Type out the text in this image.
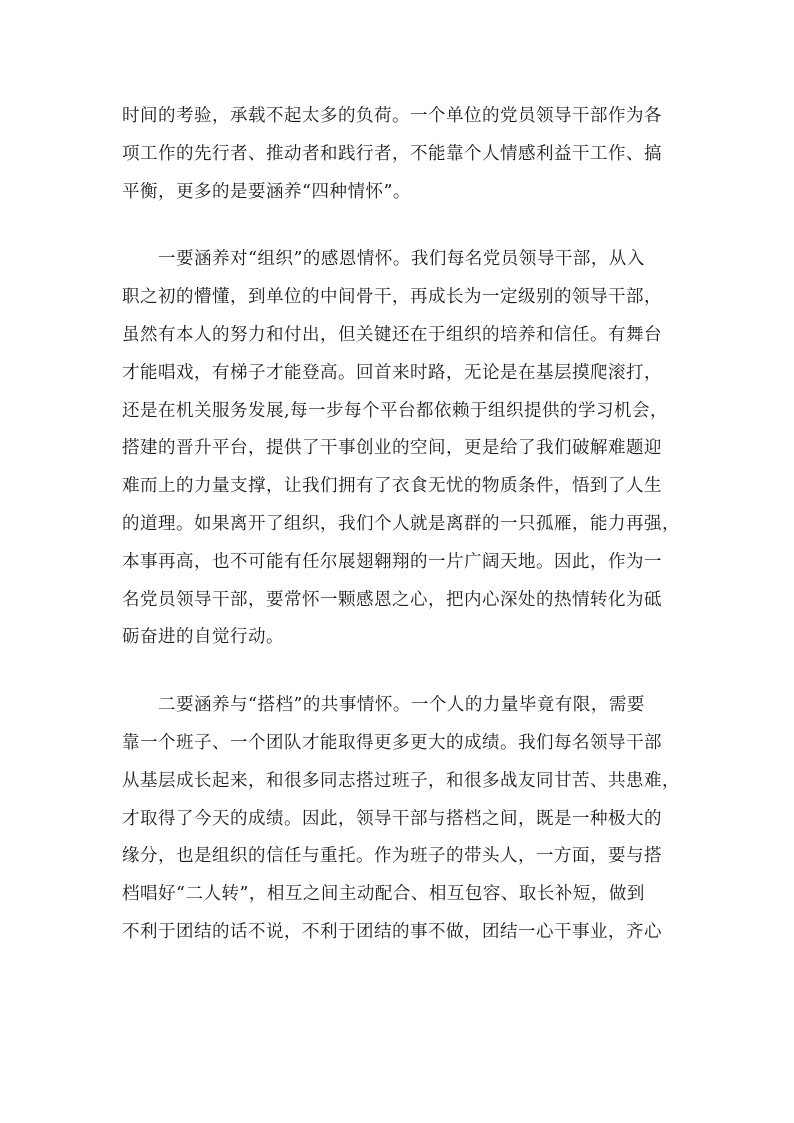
时间的考验，承载不起太多的负荷。一个单位的党员领导干部作为各
项工作的先行者、推动者和践行者，不能靠个人情感利益干工作、搞
平衡，更多的是要涵养“四种情怀”。
　　一要涵养对“组织”的感恩情怀。我们每名党员领导干部，从入
职之初的懵懂，到单位的中间骨干，再成长为一定级别的领导干部，
虽然有本人的努力和付出，但关键还在于组织的培养和信任。有舞台
才能唱戏，有梯子才能登高。回首来时路，无论是在基层摸爬滚打，
还是在机关服务发展,每一步每个平台都依赖于组织提供的学习机会，
搭建的晋升平台，提供了干事创业的空间，更是给了我们破解难题迎
难而上的力量支撑，让我们拥有了衣食无忧的物质条件，悟到了人生
的道理。如果离开了组织，我们个人就是离群的一只孤雁，能力再强，
本事再高，也不可能有任尔展翅翱翔的一片广阔天地。因此，作为一
名党员领导干部，要常怀一颗感恩之心，把内心深处的热情转化为砥
砺奋进的自觉行动。
　　二要涵养与“搭档”的共事情怀。一个人的力量毕竟有限，需要
靠一个班子、一个团队才能取得更多更大的成绩。我们每名领导干部
从基层成长起来，和很多同志搭过班子，和很多战友同甘苦、共患难，
才取得了今天的成绩。因此，领导干部与搭档之间，既是一种极大的
缘分，也是组织的信任与重托。作为班子的带头人，一方面，要与搭
档唱好“二人转”，相互之间主动配合、相互包容、取长补短，做到
不利于团结的话不说，不利于团结的事不做，团结一心干事业，齐心
